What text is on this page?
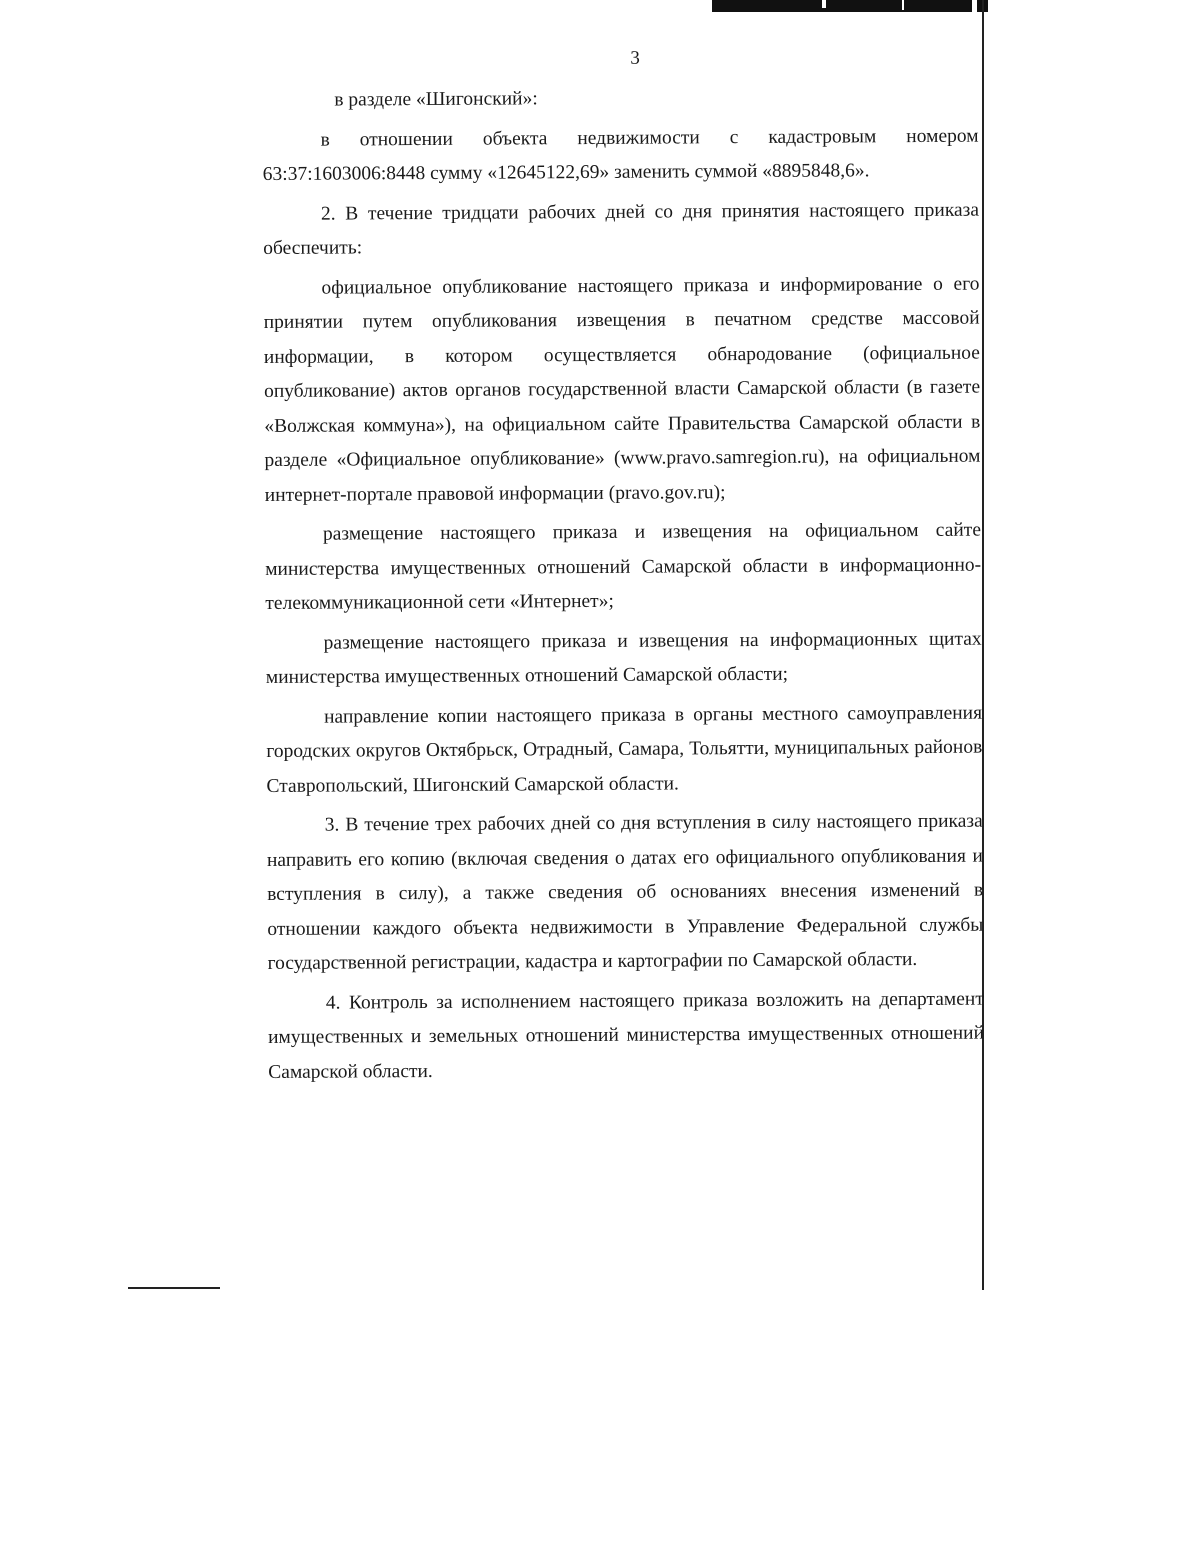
3
в разделе «Шигонский»:

в отношении объекта недвижимости с кадастровым номером 63:37:1603006:8448 сумму «12645122,69» заменить суммой «8895848,6».

2. В течение тридцати рабочих дней со дня принятия настоящего приказа обеспечить:

официальное опубликование настоящего приказа и информирование о его принятии путем опубликования извещения в печатном средстве массовой информации, в котором осуществляется обнародование (официальное опубликование) актов органов государственной власти Самарской области (в газете «Волжская коммуна»), на официальном сайте Правительства Самарской области в разделе «Официальное опубликование» (www.pravo.samregion.ru), на официальном интернет-портале правовой информации (pravo.gov.ru);

размещение настоящего приказа и извещения на официальном сайте министерства имущественных отношений Самарской области в информационно-телекоммуникационной сети «Интернет»;

размещение настоящего приказа и извещения на информационных щитах министерства имущественных отношений Самарской области;

направление копии настоящего приказа в органы местного самоуправления городских округов Октябрьск, Отрадный, Самара, Тольятти, муниципальных районов Ставропольский, Шигонский Самарской области.

3. В течение трех рабочих дней со дня вступления в силу настоящего приказа направить его копию (включая сведения о датах его официального опубликования и вступления в силу), а также сведения об основаниях внесения изменений в отношении каждого объекта недвижимости в Управление Федеральной службы государственной регистрации, кадастра и картографии по Самарской области.

4. Контроль за исполнением настоящего приказа возложить на департамент имущественных и земельных отношений министерства имущественных отношений Самарской области.
